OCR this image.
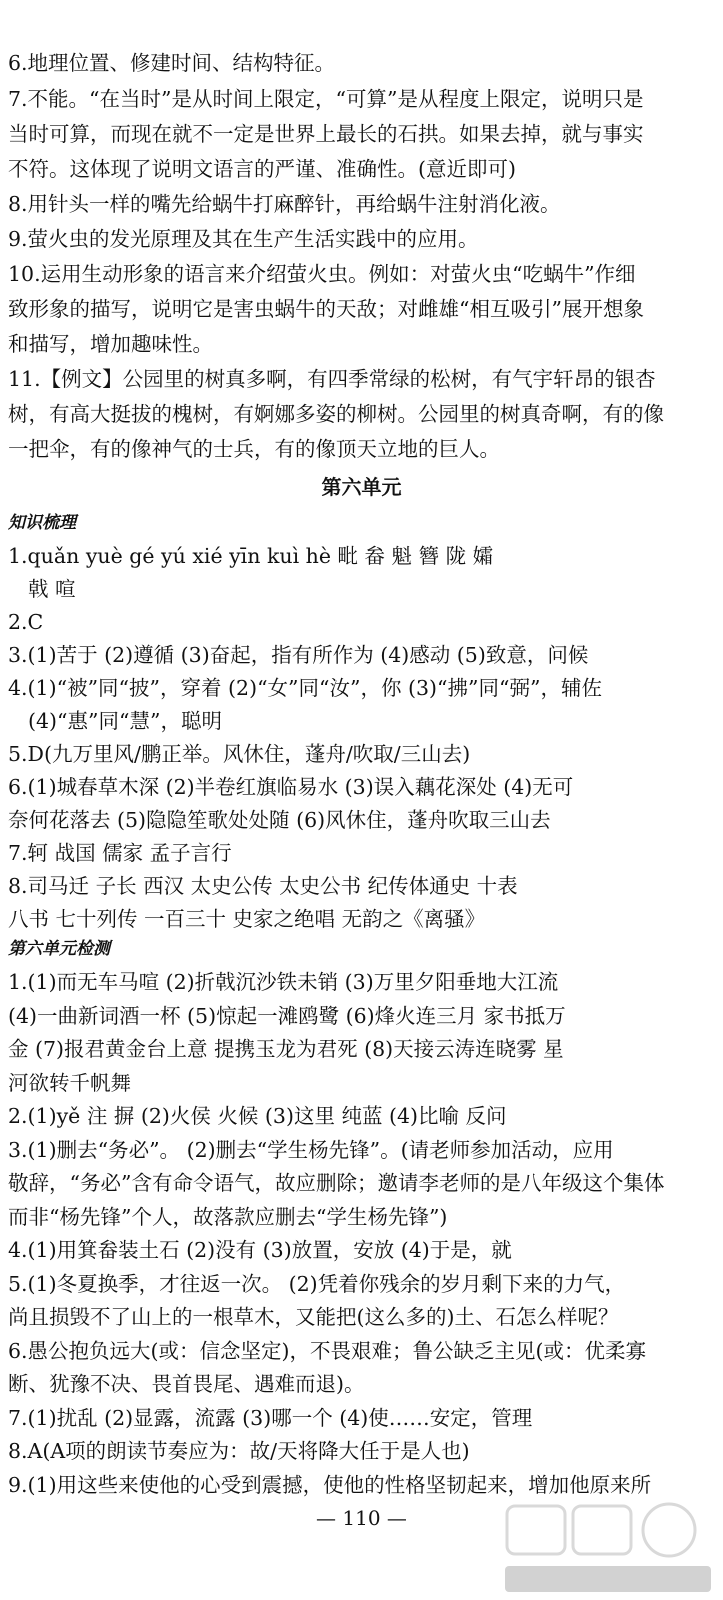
6.地理位置、修建时间、结构特征。
7.不能。“在当时”是从时间上限定，“可算”是从程度上限定，说明只是
当时可算，而现在就不一定是世界上最长的石拱。如果去掉，就与事实
不符。这体现了说明文语言的严谨、准确性。(意近即可)
8.用针头一样的嘴先给蜗牛打麻醉针，再给蜗牛注射消化液。
9.萤火虫的发光原理及其在生产生活实践中的应用。
10.运用生动形象的语言来介绍萤火虫。例如：对萤火虫“吃蜗牛”作细
致形象的描写，说明它是害虫蜗牛的天敌；对雌雄“相互吸引”展开想象
和描写，增加趣味性。
11.【例文】公园里的树真多啊，有四季常绿的松树，有气宇轩昂的银杏
树，有高大挺拔的槐树，有婀娜多姿的柳树。公园里的树真奇啊，有的像
一把伞，有的像神气的士兵，有的像顶天立地的巨人。
第六单元
知识梳理
1.quǎn yuè gé yú xié yīn kuì hè 毗 畚 魁 簪 陇 孀
戟 喧
2.C
3.(1)苦于 (2)遵循 (3)奋起，指有所作为 (4)感动 (5)致意，问候
4.(1)“被”同“披”，穿着 (2)“女”同“汝”，你 (3)“拂”同“弼”，辅佐
(4)“惠”同“慧”，聪明
5.D(九万里风/鹏正举。风休住，蓬舟/吹取/三山去)
6.(1)城春草木深 (2)半卷红旗临易水 (3)误入藕花深处 (4)无可
奈何花落去 (5)隐隐笙歌处处随 (6)风休住，蓬舟吹取三山去
7.轲 战国 儒家 孟子言行
8.司马迁 子长 西汉 太史公传 太史公书 纪传体通史 十表
八书 七十列传 一百三十 史家之绝唱 无韵之《离骚》
第六单元检测
1.(1)而无车马喧 (2)折戟沉沙铁未销 (3)万里夕阳垂地大江流
(4)一曲新词酒一杯 (5)惊起一滩鸥鹭 (6)烽火连三月 家书抵万
金 (7)报君黄金台上意 提携玉龙为君死 (8)天接云涛连晓雾 星
河欲转千帆舞
2.(1)yě 注 摒 (2)火侯 火候 (3)这里 纯蓝 (4)比喻 反问
3.(1)删去“务必”。 (2)删去“学生杨先锋”。(请老师参加活动，应用
敬辞，“务必”含有命令语气，故应删除；邀请李老师的是八年级这个集体
而非“杨先锋”个人，故落款应删去“学生杨先锋”)
4.(1)用箕畚装土石 (2)没有 (3)放置，安放 (4)于是，就
5.(1)冬夏换季，才往返一次。 (2)凭着你残余的岁月剩下来的力气，
尚且损毁不了山上的一根草木，又能把(这么多的)土、石怎么样呢？
6.愚公抱负远大(或：信念坚定)，不畏艰难；鲁公缺乏主见(或：优柔寡
断、犹豫不决、畏首畏尾、遇难而退)。
7.(1)扰乱 (2)显露，流露 (3)哪一个 (4)使……安定，管理
8.A(A项的朗读节奏应为：故/天将降大任于是人也)
9.(1)用这些来使他的心受到震撼，使他的性格坚韧起来，增加他原来所
— 110 —
